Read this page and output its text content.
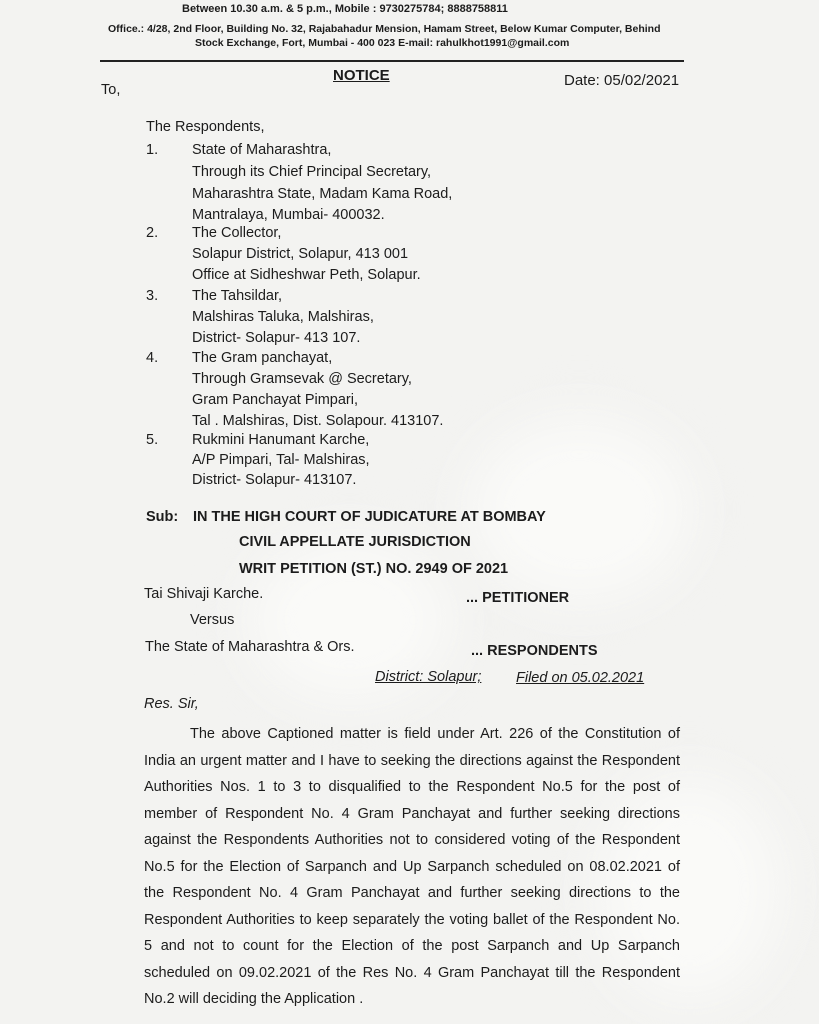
Between 10.30 a.m. & 5 p.m., Mobile : 9730275784; 8888758811
Office.: 4/28, 2nd Floor, Building No. 32, Rajabahadur Mension, Hamam Street, Below Kumar Computer, Behind
Stock Exchange, Fort, Mumbai - 400 023 E-mail: rahulkhot1991@gmail.com
NOTICE	Date: 05/02/2021
To,
The Respondents,
1. State of Maharashtra,
Through its Chief Principal Secretary,
Maharashtra State, Madam Kama Road,
Mantralaya, Mumbai- 400032.
2. The Collector,
Solapur District, Solapur, 413 001
Office at Sidheshwar Peth, Solapur.
3. The Tahsildar,
Malshiras Taluka, Malshiras,
District- Solapur- 413 107.
4. The Gram panchayat,
Through Gramsevak @ Secretary,
Gram Panchayat Pimpari,
Tal . Malshiras, Dist. Solapour. 413107.
5. Rukmini Hanumant Karche,
A/P Pimpari, Tal- Malshiras,
District- Solapur- 413107.
Sub: IN THE HIGH COURT OF JUDICATURE AT BOMBAY
CIVIL APPELLATE JURISDICTION
WRIT PETITION (ST.) NO. 2949 OF 2021
Tai Shivaji Karche.	... PETITIONER
Versus
The State of Maharashtra & Ors.	... RESPONDENTS
District: Solapur; Filed on 05.02.2021
Res. Sir,

The above Captioned matter is field under Art. 226 of the Constitution of India an urgent matter and I have to seeking the directions against the Respondent Authorities Nos. 1 to 3 to disqualified to the Respondent No.5 for the post of member of Respondent No. 4 Gram Panchayat and further seeking directions against the Respondents Authorities not to considered voting of the Respondent No.5 for the Election of Sarpanch and Up Sarpanch scheduled on 08.02.2021 of the Respondent No. 4 Gram Panchayat and further seeking directions to the Respondent Authorities to keep separately the voting ballet of the Respondent No. 5 and not to count for the Election of the post Sarpanch and Up Sarpanch scheduled on 09.02.2021 of the Res No. 4 Gram Panchayat till the Respondent No.2 will deciding the Application .
